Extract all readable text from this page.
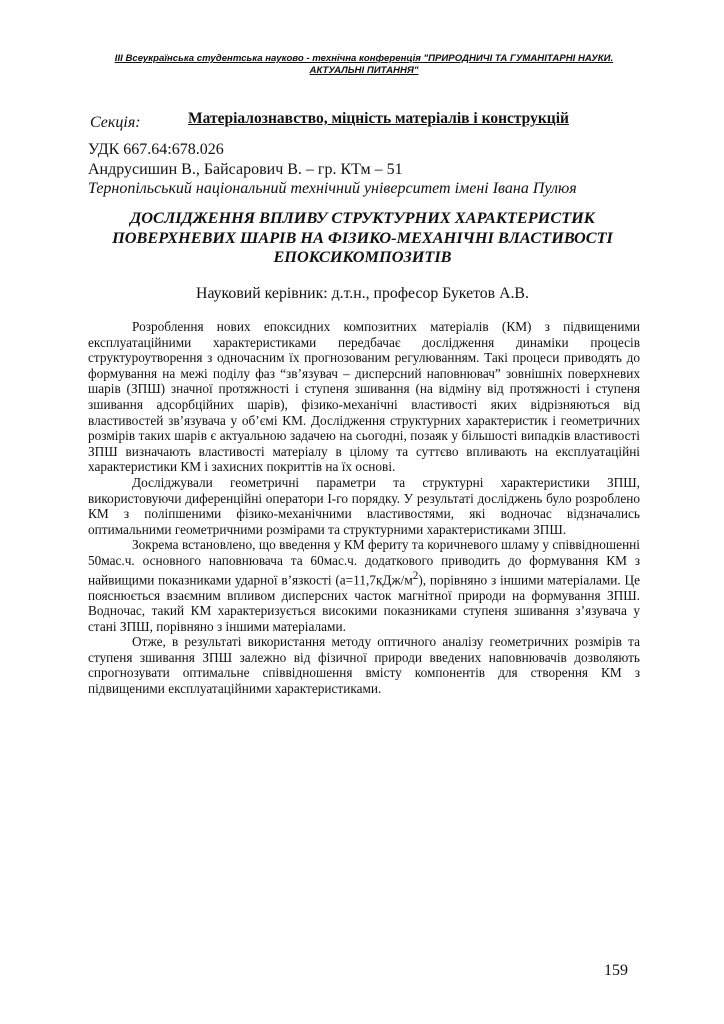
ІІІ Всеукраїнська студентська науково - технічна конференція "ПРИРОДНИЧІ ТА ГУМАНІТАРНІ НАУКИ.
АКТУАЛЬНІ ПИТАННЯ"
Секція:	Матеріалознавство, міцність матеріалів і конструкцій
УДК 667.64:678.026
Андрусишин В., Байсарович В. – гр. КТм – 51
Тернопільський національний технічний університет імені Івана Пулюя
ДОСЛІДЖЕННЯ ВПЛИВУ СТРУКТУРНИХ ХАРАКТЕРИСТИК
ПОВЕРХНЕВИХ ШАРІВ НА ФІЗИКО-МЕХАНІЧНІ ВЛАСТИВОСТІ
ЕПОКСИКОМПОЗИТІВ
Науковий керівник: д.т.н., професор Букетов А.В.

Розроблення нових епоксидних композитних матеріалів (КМ) з підвищеними експлуатаційними характеристиками передбачає дослідження динаміки процесів структуроутворення з одночасним їх прогнозованим регулюванням. Такі процеси приводять до формування на межі поділу фаз “зв’язувач – дисперсний наповнювач” зовнішніх поверхневих шарів (ЗПШ) значної протяжності і ступеня зшивання (на відміну від протяжності і ступеня зшивання адсорбційних шарів), фізико-механічні властивості яких відрізняються від властивостей зв’язувача у об’ємі КМ. Дослідження структурних характеристик і геометричних розмірів таких шарів є актуальною задачею на сьогодні, позаяк у більшості випадків властивості ЗПШ визначають властивості матеріалу в цілому та суттєво впливають на експлуатаційні характеристики КМ і захисних покриттів на їх основі.

Досліджували геометричні параметри та структурні характеристики ЗПШ, використовуючи диференційні оператори І-го порядку. У результаті досліджень було розроблено КМ з поліпшеними фізико-механічними властивостями, які водночас відзначались оптимальними геометричними розмірами та структурними характеристиками ЗПШ.

Зокрема встановлено, що введення у КМ фериту та коричневого шламу у співвідношенні 50мас.ч. основного наповнювача та 60мас.ч. додаткового приводить до формування КМ з найвищими показниками ударної в’язкості $(а=11,7кДж/м^2)$, порівняно з іншими матеріалами. Це пояснюється взаємним впливом дисперсних часток магнітної природи на формування ЗПШ. Водночас, такий КМ характеризується високими показниками ступеня зшивання з’язувача у стані ЗПШ, порівняно з іншими матеріалами.

Отже, в результаті використання методу оптичного аналізу геометричних розмірів та ступеня зшивання ЗПШ залежно від фізичної природи введених наповнювачів дозволяють спрогнозувати оптимальне співвідношення вмісту компонентів для створення КМ з підвищеними експлуатаційними характеристиками.

159
